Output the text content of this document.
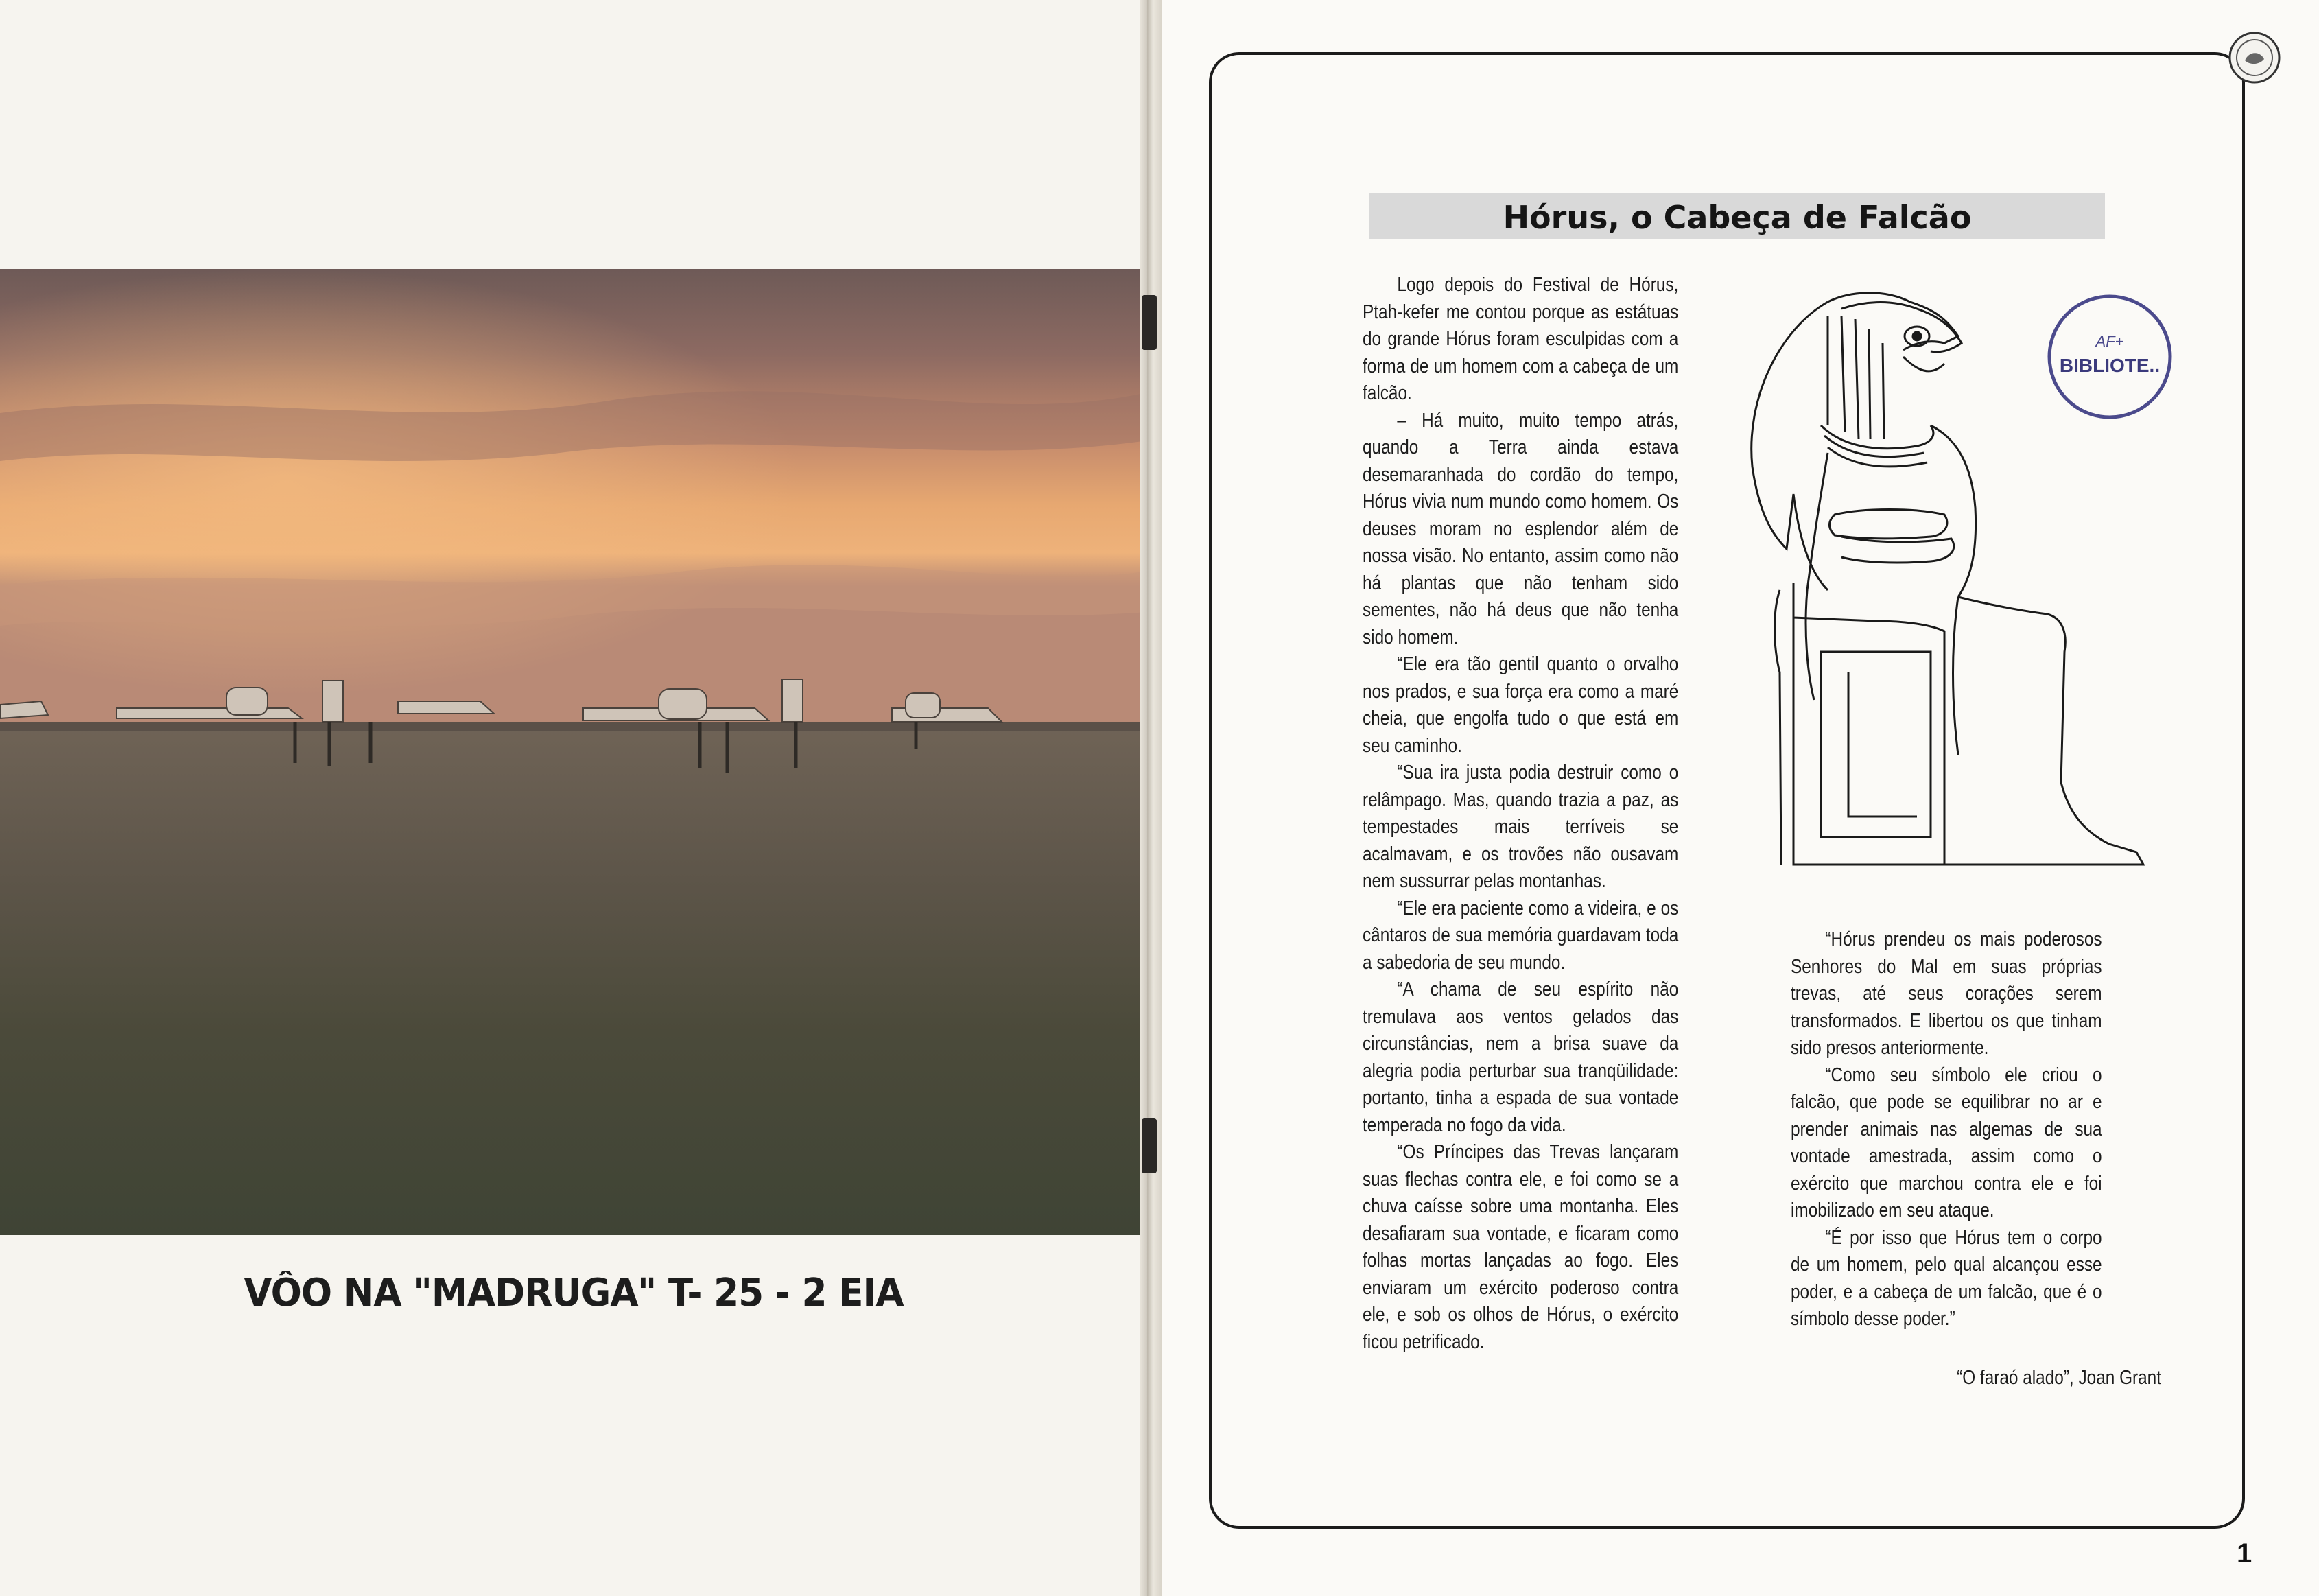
VÔO NA "MADRUGA" T- 25 - 2 EIA
Hórus, o Cabeça de Falcão

Logo depois do Festival de Hórus, Ptah-kefer me contou porque as estátuas do grande Hórus foram esculpidas com a forma de um homem com a cabeça de um falcão.

– Há muito, muito tempo atrás, quando a Terra ainda estava desemaranhada do cordão do tempo, Hórus vivia num mundo como homem. Os deuses moram no esplendor além de nossa visão. No entanto, assim como não há plantas que não tenham sido sementes, não há deus que não tenha sido homem.

“Ele era tão gentil quanto o orvalho nos prados, e sua força era como a maré cheia, que engolfa tudo o que está em seu caminho.

“Sua ira justa podia destruir como o relâmpago. Mas, quando trazia a paz, as tempestades mais terríveis se acalmavam, e os trovões não ousavam nem sussurrar pelas montanhas.

“Ele era paciente como a videira, e os cântaros de sua memória guardavam toda a sabedoria de seu mundo.

“A chama de seu espírito não tremulava aos ventos gelados das circunstâncias, nem a brisa suave da alegria podia perturbar sua tranqüilidade: portanto, tinha a espada de sua vontade temperada no fogo da vida.

“Os Príncipes das Trevas lançaram suas flechas contra ele, e foi como se a chuva caísse sobre uma montanha. Eles desafiaram sua vontade, e ficaram como folhas mortas lançadas ao fogo. Eles enviaram um exército poderoso contra ele, e sob os olhos de Hórus, o exército ficou petrificado.

AF+
BIBLIOTE..

“Hórus prendeu os mais poderosos Senhores do Mal em suas próprias trevas, até seus corações serem transformados. E libertou os que tinham sido presos anteriormente.

“Como seu símbolo ele criou o falcão, que pode se equilibrar no ar e prender animais nas algemas de sua vontade amestrada, assim como o exército que marchou contra ele e foi imobilizado em seu ataque.

“É por isso que Hórus tem o corpo de um homem, pelo qual alcançou esse poder, e a cabeça de um falcão, que é o símbolo desse poder.”

“O faraó alado”, Joan Grant
1
